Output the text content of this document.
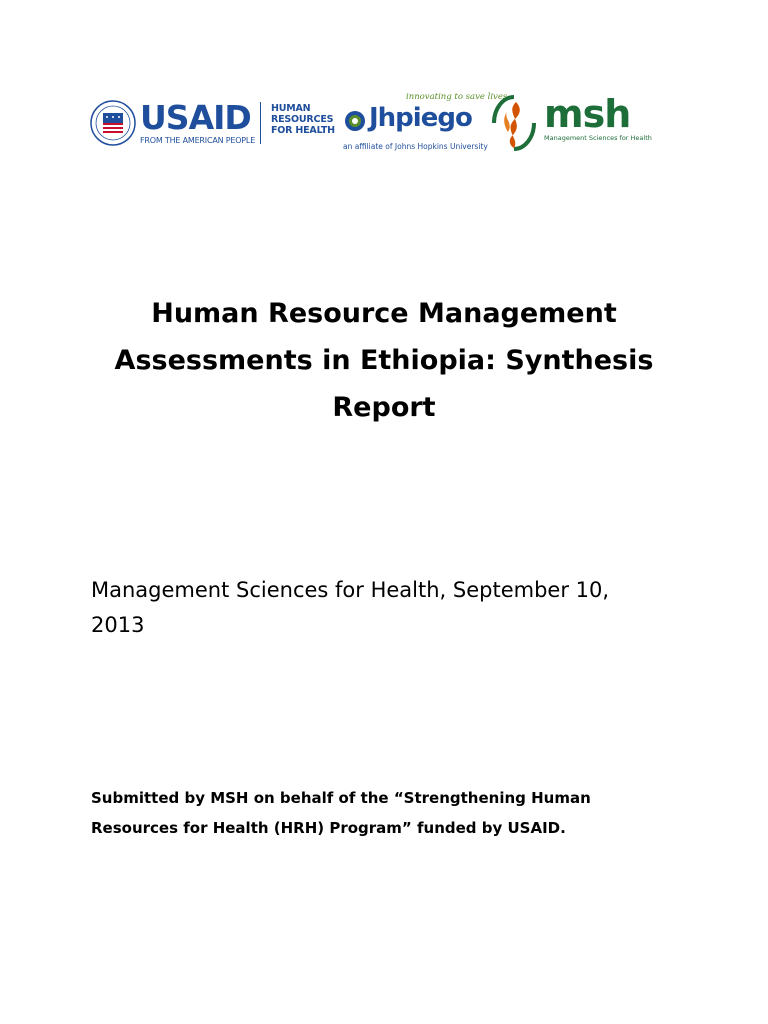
USAID
FROM THE AMERICAN PEOPLE
HUMAN
RESOURCES
FOR HEALTH
innovating to save lives
Jhpiego
an affiliate of Johns Hopkins University
msh
Management Sciences for Health
Human Resource Management
Assessments in Ethiopia: Synthesis
Report
Management Sciences for Health, September 10,
2013
Submitted by MSH on behalf of the “Strengthening Human
Resources for Health (HRH) Program” funded by USAID.
